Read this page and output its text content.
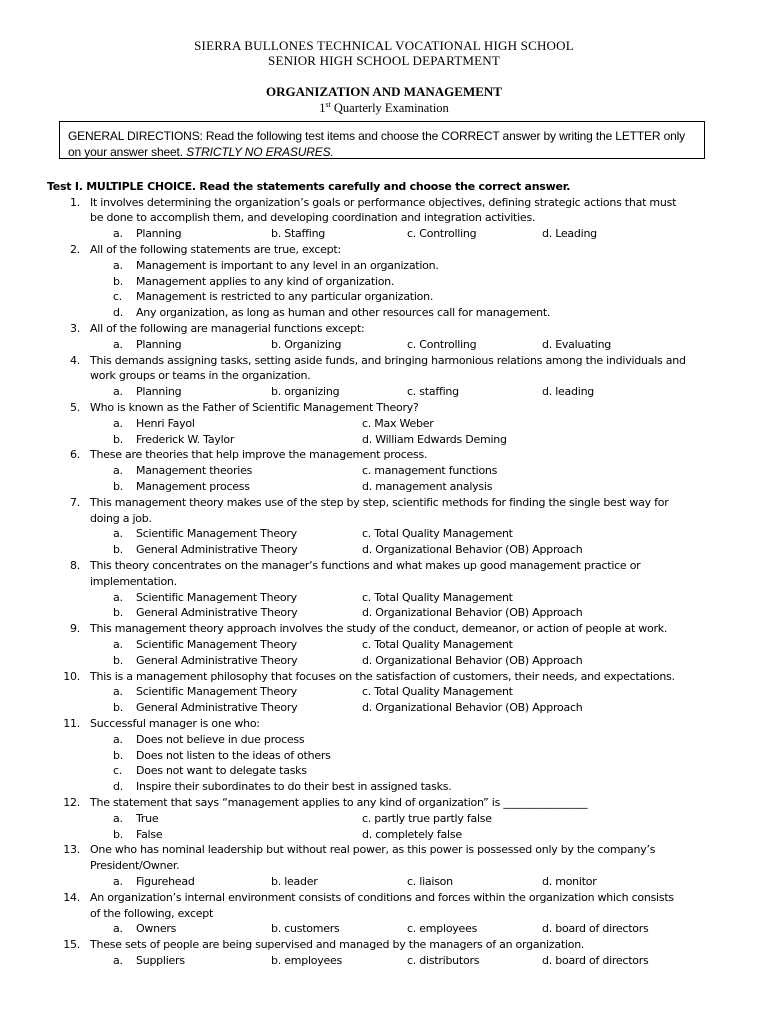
SIERRA BULLONES TECHNICAL VOCATIONAL HIGH SCHOOL
SENIOR HIGH SCHOOL DEPARTMENT
ORGANIZATION AND MANAGEMENT
1st Quarterly Examination
GENERAL DIRECTIONS: Read the following test items and choose the CORRECT answer by writing the LETTER only on your answer sheet. STRICTLY NO ERASURES.
Test I. MULTIPLE CHOICE. Read the statements carefully and choose the correct answer.
1. It involves determining the organization’s goals or performance objectives, defining strategic actions that must
be done to accomplish them, and developing coordination and integration activities.
a. Planning	b. Staffing	c. Controlling	d. Leading
2. All of the following statements are true, except:
a. Management is important to any level in an organization.
b. Management applies to any kind of organization.
c. Management is restricted to any particular organization.
d. Any organization, as long as human and other resources call for management.
3. All of the following are managerial functions except:
a. Planning	b. Organizing	c. Controlling	d. Evaluating
4. This demands assigning tasks, setting aside funds, and bringing harmonious relations among the individuals and
work groups or teams in the organization.
a. Planning	b. organizing	c. staffing	d. leading
5. Who is known as the Father of Scientific Management Theory?
a. Henri Fayol	c. Max Weber
b. Frederick W. Taylor	d. William Edwards Deming
6. These are theories that help improve the management process.
a. Management theories	c. management functions
b. Management process	d. management analysis
7. This management theory makes use of the step by step, scientific methods for finding the single best way for
doing a job.
a. Scientific Management Theory	c. Total Quality Management
b. General Administrative Theory	d. Organizational Behavior (OB) Approach
8. This theory concentrates on the manager’s functions and what makes up good management practice or
implementation.
a. Scientific Management Theory	c. Total Quality Management
b. General Administrative Theory	d. Organizational Behavior (OB) Approach
9. This management theory approach involves the study of the conduct, demeanor, or action of people at work.
a. Scientific Management Theory	c. Total Quality Management
b. General Administrative Theory	d. Organizational Behavior (OB) Approach
10. This is a management philosophy that focuses on the satisfaction of customers, their needs, and expectations.
a. Scientific Management Theory	c. Total Quality Management
b. General Administrative Theory	d. Organizational Behavior (OB) Approach
11. Successful manager is one who:
a. Does not believe in due process
b. Does not listen to the ideas of others
c. Does not want to delegate tasks
d. Inspire their subordinates to do their best in assigned tasks.
12. The statement that says “management applies to any kind of organization” is ________________
a. True	c. partly true partly false
b. False	d. completely false
13. One who has nominal leadership but without real power, as this power is possessed only by the company’s
President/Owner.
a. Figurehead	b. leader	c. liaison	d. monitor
14. An organization’s internal environment consists of conditions and forces within the organization which consists
of the following, except
a. Owners	b. customers	c. employees	d. board of directors
15. These sets of people are being supervised and managed by the managers of an organization.
a. Suppliers	b. employees	c. distributors	d. board of directors
